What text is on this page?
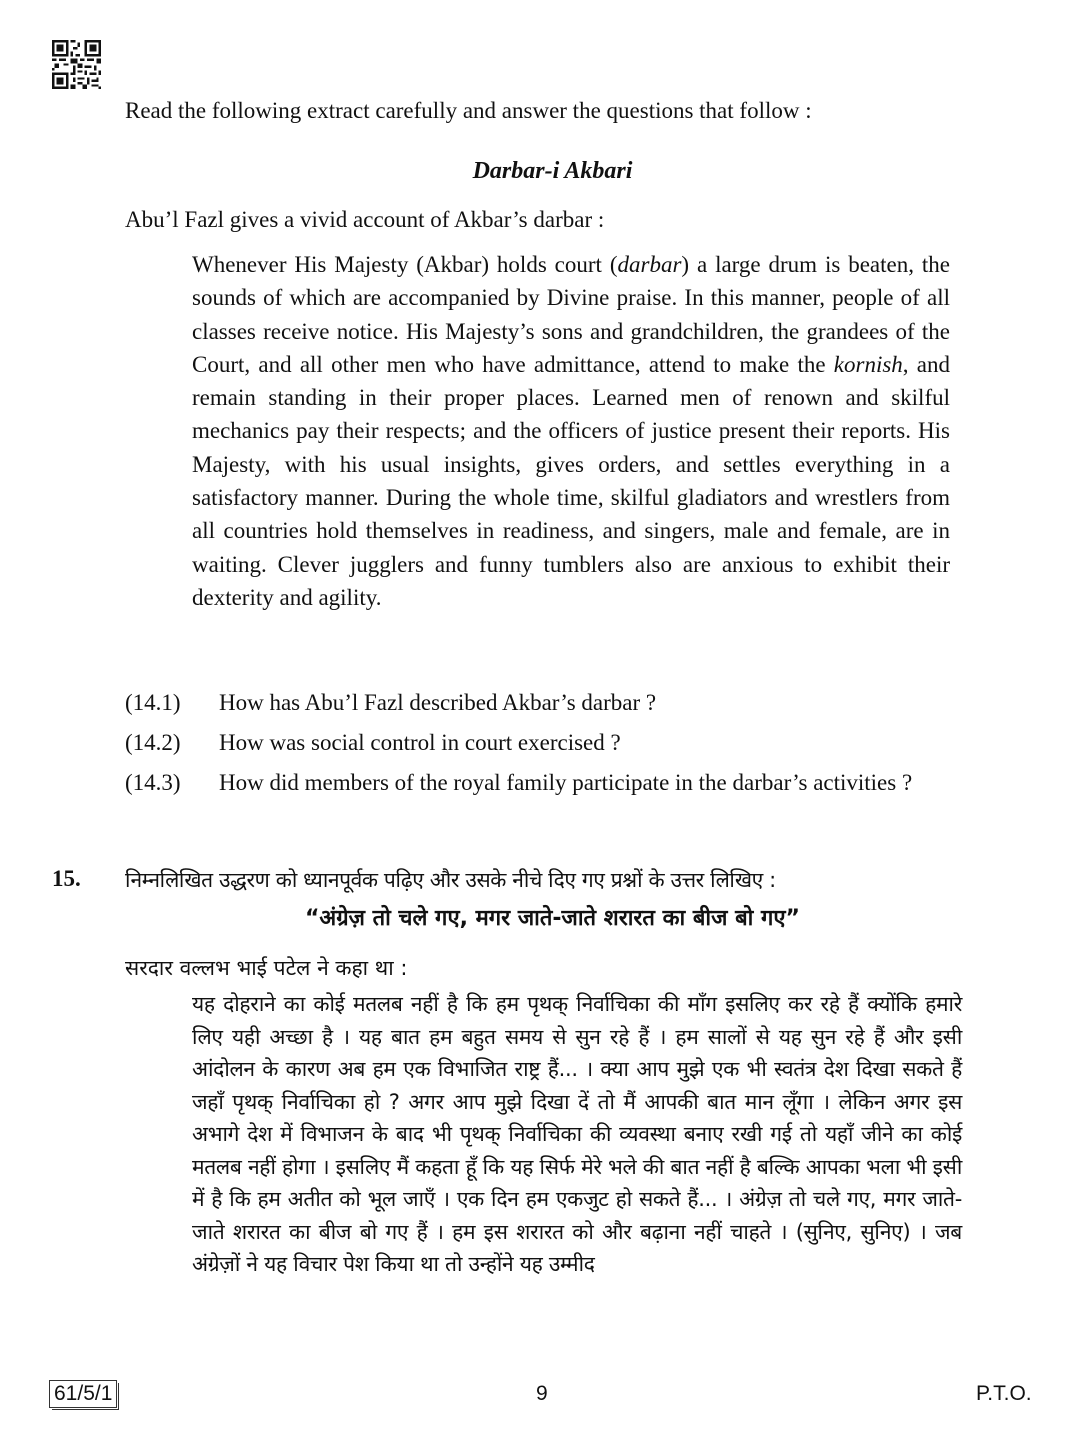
Read the following extract carefully and answer the questions that follow :
Darbar-i Akbari
Abu’l Fazl gives a vivid account of Akbar’s darbar :
Whenever His Majesty (Akbar) holds court (darbar) a large drum is beaten, the sounds of which are accompanied by Divine praise. In this manner, people of all classes receive notice. His Majesty’s sons and grandchildren, the grandees of the Court, and all other men who have admittance, attend to make the kornish, and remain standing in their proper places. Learned men of renown and skilful mechanics pay their respects; and the officers of justice present their reports. His Majesty, with his usual insights, gives orders, and settles everything in a satisfactory manner. During the whole time, skilful gladiators and wrestlers from all countries hold themselves in readiness, and singers, male and female, are in waiting. Clever jugglers and funny tumblers also are anxious to exhibit their dexterity and agility.
(14.1) How has Abu’l Fazl described Akbar’s darbar ?
(14.2) How was social control in court exercised ?
(14.3) How did members of the royal family participate in the darbar’s activities ?
15. निम्नलिखित उद्धरण को ध्यानपूर्वक पढ़िए और उसके नीचे दिए गए प्रश्नों के उत्तर लिखिए :
“अंग्रेज़ तो चले गए, मगर जाते-जाते शरारत का बीज बो गए”
सरदार वल्लभ भाई पटेल ने कहा था :
यह दोहराने का कोई मतलब नहीं है कि हम पृथक् निर्वाचिका की माँग इसलिए कर रहे हैं क्योंकि हमारे लिए यही अच्छा है । यह बात हम बहुत समय से सुन रहे हैं । हम सालों से यह सुन रहे हैं और इसी आंदोलन के कारण अब हम एक विभाजित राष्ट्र हैं... । क्या आप मुझे एक भी स्वतंत्र देश दिखा सकते हैं जहाँ पृथक् निर्वाचिका हो ? अगर आप मुझे दिखा दें तो मैं आपकी बात मान लूँगा । लेकिन अगर इस अभागे देश में विभाजन के बाद भी पृथक् निर्वाचिका की व्यवस्था बनाए रखी गई तो यहाँ जीने का कोई मतलब नहीं होगा । इसलिए मैं कहता हूँ कि यह सिर्फ मेरे भले की बात नहीं है बल्कि आपका भला भी इसी में है कि हम अतीत को भूल जाएँ । एक दिन हम एकजुट हो सकते हैं... । अंग्रेज़ तो चले गए, मगर जाते-जाते शरारत का बीज बो गए हैं । हम इस शरारत को और बढ़ाना नहीं चाहते । (सुनिए, सुनिए) । जब अंग्रेज़ों ने यह विचार पेश किया था तो उन्होंने यह उम्मीद
61/5/1	9	P.T.O.
